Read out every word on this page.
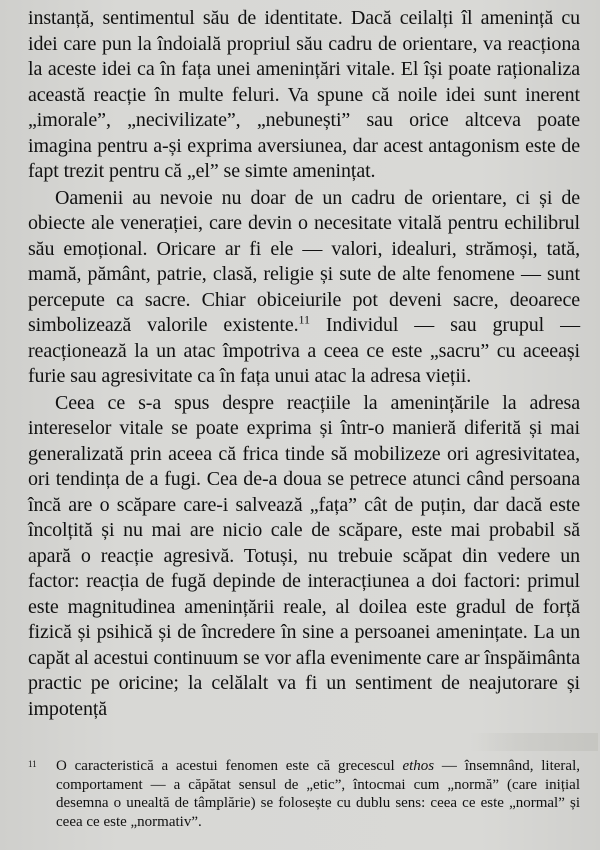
instanță, sentimentul său de identitate. Dacă ceilalți îl amenință cu idei care pun la îndoială propriul său cadru de orientare, va reacționa la aceste idei ca în fața unei amenințări vitale. El își poate raționaliza această reacție în multe feluri. Va spune că noile idei sunt inerent „imorale”, „necivilizate”, „nebunești” sau orice altceva poate imagina pentru a-și exprima aversiunea, dar acest antagonism este de fapt trezit pentru că „el” se simte amenințat.

Oamenii au nevoie nu doar de un cadru de orientare, ci și de obiecte ale venerației, care devin o necesitate vitală pentru echilibrul său emoțional. Oricare ar fi ele — valori, idealuri, strămoși, tată, mamă, pământ, patrie, clasă, religie și sute de alte fenomene — sunt percepute ca sacre. Chiar obiceiurile pot deveni sacre, deoarece simbolizează valorile existente.$^{11}$ Individul — sau grupul — reacționează la un atac împotriva a ceea ce este „sacru” cu aceeași furie sau agresivitate ca în fața unui atac la adresa vieții.

Ceea ce s-a spus despre reacțiile la amenințările la adresa intereselor vitale se poate exprima și într-o manieră diferită și mai generalizată prin aceea că frica tinde să mobilizeze ori agresivitatea, ori tendința de a fugi. Cea de-a doua se petrece atunci când persoana încă are o scăpare care-i salvează „fața” cât de puțin, dar dacă este încolțită și nu mai are nicio cale de scăpare, este mai probabil să apară o reacție agresivă. Totuși, nu trebuie scăpat din vedere un factor: reacția de fugă depinde de interacțiunea a doi factori: primul este magnitudinea amenințării reale, al doilea este gradul de forță fizică și psihică și de încredere în sine a persoanei amenințate. La un capăt al acestui continuum se vor afla evenimente care ar înspăimânta practic pe oricine; la celălalt va fi un sentiment de neajutorare și impotență

11	O caracteristică a acestui fenomen este că grecescul ethos — însemnând, literal, comportament — a căpătat sensul de „etic”, întocmai cum „normă” (care inițial desemna o unealtă de tâmplărie) se folosește cu dublu sens: ceea ce este „normal” și ceea ce este „normativ”.
